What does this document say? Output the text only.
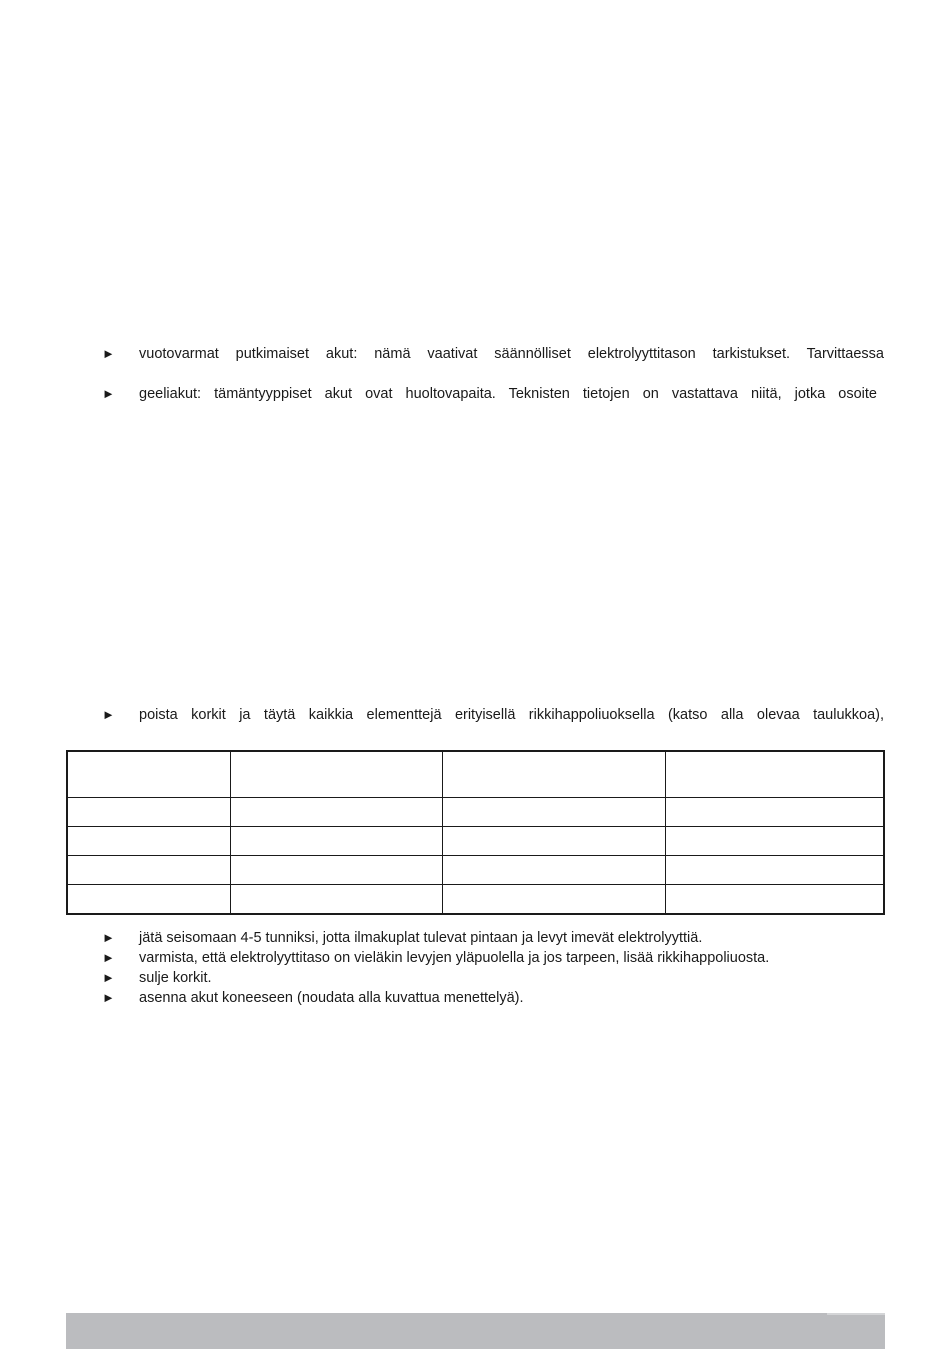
► vuotovarmat putkimaiset akut: nämä vaativat säännölliset elektrolyyttitason tarkistukset. Tarvittaessa
► geeliakut: tämäntyyppiset akut ovat huoltovapaita. Teknisten tietojen on vastattava niitä, jotka osoite
► poista korkit ja täytä kaikkia elementtejä erityisellä rikkihappoliuoksella (katso alla olevaa taulukkoa),

► jätä seisomaan 4-5 tunniksi, jotta ilmakuplat tulevat pintaan ja levyt imevät elektrolyyttiä.
► varmista, että elektrolyyttitaso on vieläkin levyjen yläpuolella ja jos tarpeen, lisää rikkihappoliuosta.
► sulje korkit.
► asenna akut koneeseen (noudata alla kuvattua menettelyä).
